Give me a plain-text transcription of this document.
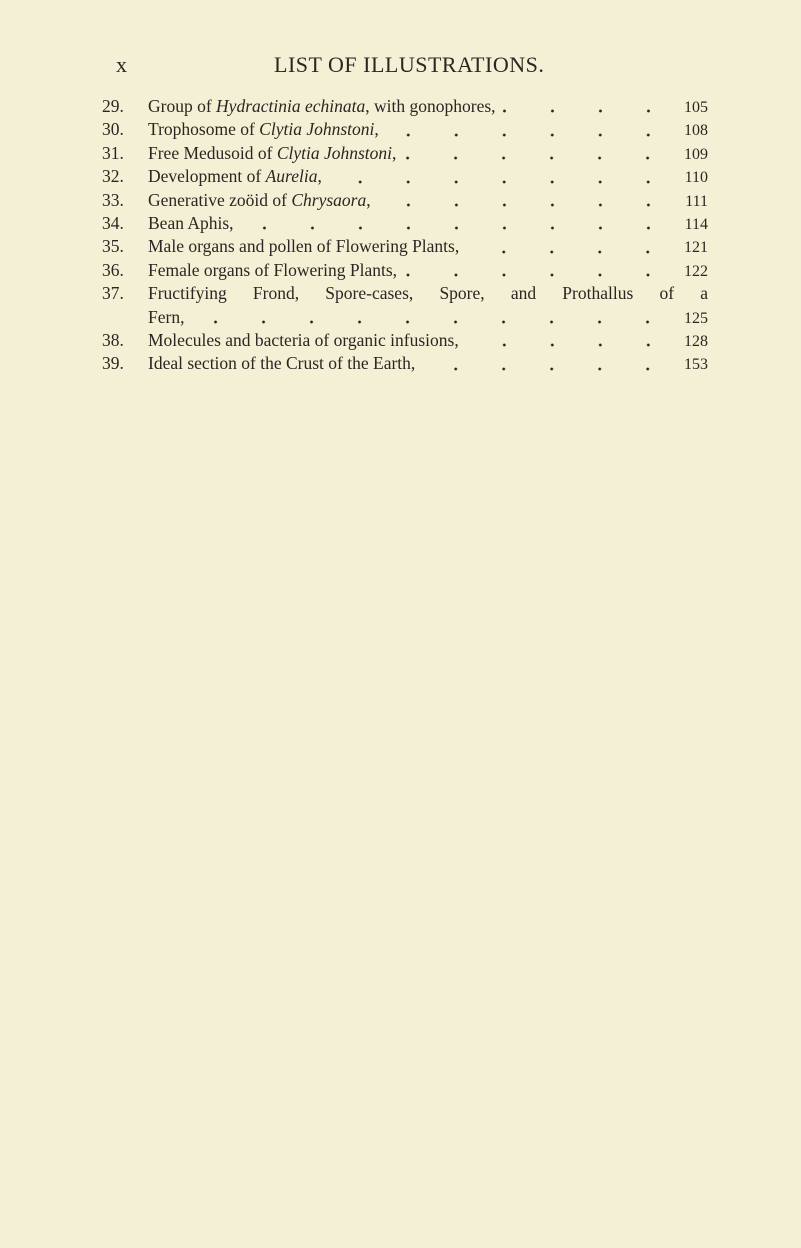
x	LIST OF ILLUSTRATIONS.
29.	Group of Hydractinia echinata, with gonophores,	105
30.	Trophosome of Clytia Johnstoni,	108
31.	Free Medusoid of Clytia Johnstoni,	109
32.	Development of Aurelia,	110
33.	Generative zoöid of Chrysaora,	111
34.	Bean Aphis,	114
35.	Male organs and pollen of Flowering Plants,	121
36.	Female organs of Flowering Plants,	122
37.	Fructifying Frond, Spore-cases, Spore, and Prothallus of a
Fern,	125
38.	Molecules and bacteria of organic infusions,	128
39.	Ideal section of the Crust of the Earth,	153
